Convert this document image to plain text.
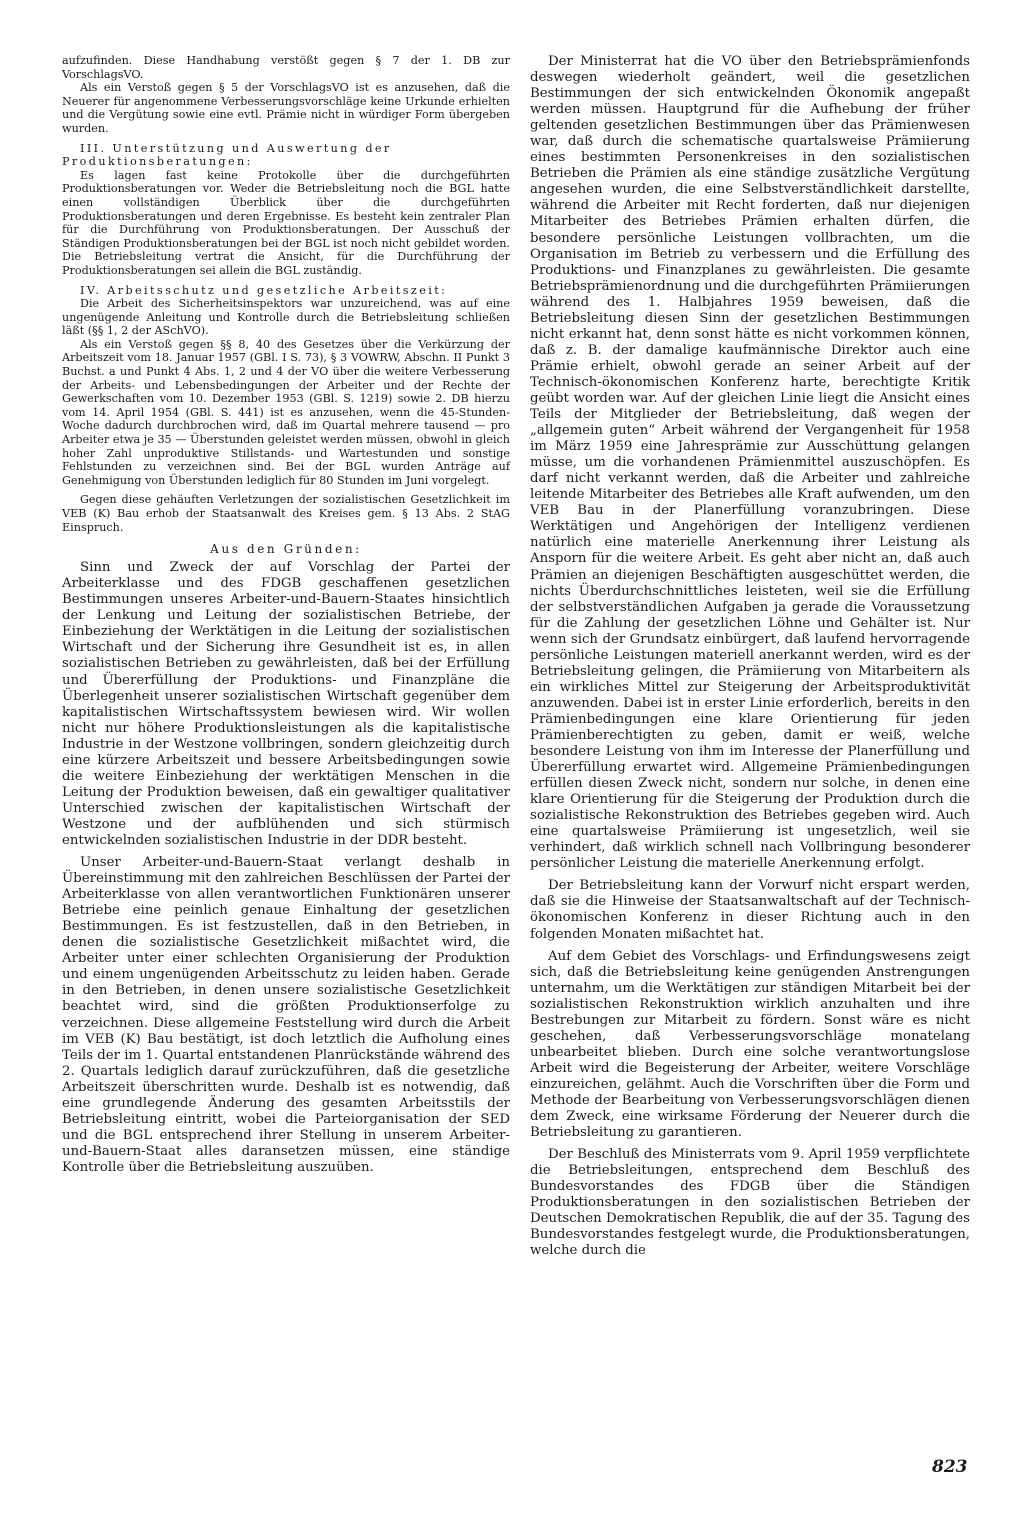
aufzufinden. Diese Handhabung verstößt gegen § 7 der 1. DB zur VorschlagsVO.

Als ein Verstoß gegen § 5 der VorschlagsVO ist es anzusehen, daß die Neuerer für angenommene Verbesserungsvorschläge keine Urkunde erhielten und die Vergütung sowie eine evtl. Prämie nicht in würdiger Form übergeben wurden.

III. Unterstützung und Auswertung der Produktionsberatungen:

Es lagen fast keine Protokolle über die durchgeführten Produktionsberatungen vor. Weder die Betriebsleitung noch die BGL hatte einen vollständigen Überblick über die durchgeführten Produktionsberatungen und deren Ergebnisse. Es besteht kein zentraler Plan für die Durchführung von Produktionsberatungen. Der Ausschuß der Ständigen Produktionsberatungen bei der BGL ist noch nicht gebildet worden. Die Betriebsleitung vertrat die Ansicht, für die Durchführung der Produktionsberatungen sei allein die BGL zuständig.

IV. Arbeitsschutz und gesetzliche Arbeitszeit:

Die Arbeit des Sicherheitsinspektors war unzureichend, was auf eine ungenügende Anleitung und Kontrolle durch die Betriebsleitung schließen läßt (§§ 1, 2 der ASchVO).

Als ein Verstoß gegen §§ 8, 40 des Gesetzes über die Verkürzung der Arbeitszeit vom 18. Januar 1957 (GBl. I S. 73), § 3 VOWRW, Abschn. II Punkt 3 Buchst. a und Punkt 4 Abs. 1, 2 und 4 der VO über die weitere Verbesserung der Arbeits- und Lebensbedingungen der Arbeiter und der Rechte der Gewerkschaften vom 10. Dezember 1953 (GBl. S. 1219) sowie 2. DB hierzu vom 14. April 1954 (GBl. S. 441) ist es anzusehen, wenn die 45-Stunden-Woche dadurch durchbrochen wird, daß im Quartal mehrere tausend — pro Arbeiter etwa je 35 — Überstunden geleistet werden müssen, obwohl in gleich hoher Zahl unproduktive Stillstands- und Wartestunden und sonstige Fehlstunden zu verzeichnen sind. Bei der BGL wurden Anträge auf Genehmigung von Überstunden lediglich für 80 Stunden im Juni vorgelegt.

Gegen diese gehäuften Verletzungen der sozialistischen Gesetzlichkeit im VEB (K) Bau erhob der Staatsanwalt des Kreises gem. § 13 Abs. 2 StAG Einspruch.

Aus den Gründen:

Sinn und Zweck der auf Vorschlag der Partei der Arbeiterklasse und des FDGB geschaffenen gesetzlichen Bestimmungen unseres Arbeiter-und-Bauern-Staates hinsichtlich der Lenkung und Leitung der sozialistischen Betriebe, der Einbeziehung der Werktätigen in die Leitung der sozialistischen Wirtschaft und der Sicherung ihre Gesundheit ist es, in allen sozialistischen Betrieben zu gewährleisten, daß bei der Erfüllung und Übererfüllung der Produktions- und Finanzpläne die Überlegenheit unserer sozialistischen Wirtschaft gegenüber dem kapitalistischen Wirtschaftssystem bewiesen wird. Wir wollen nicht nur höhere Produktionsleistungen als die kapitalistische Industrie in der Westzone vollbringen, sondern gleichzeitig durch eine kürzere Arbeitszeit und bessere Arbeitsbedingungen sowie die weitere Einbeziehung der werktätigen Menschen in die Leitung der Produktion beweisen, daß ein gewaltiger qualitativer Unterschied zwischen der kapitalistischen Wirtschaft der Westzone und der aufblühenden und sich stürmisch entwickelnden sozialistischen Industrie in der DDR besteht.

Unser Arbeiter-und-Bauern-Staat verlangt deshalb in Übereinstimmung mit den zahlreichen Beschlüssen der Partei der Arbeiterklasse von allen verantwortlichen Funktionären unserer Betriebe eine peinlich genaue Einhaltung der gesetzlichen Bestimmungen. Es ist festzustellen, daß in den Betrieben, in denen die sozialistische Gesetzlichkeit mißachtet wird, die Arbeiter unter einer schlechten Organisierung der Produktion und einem ungenügenden Arbeitsschutz zu leiden haben. Gerade in den Betrieben, in denen unsere sozialistische Gesetzlichkeit beachtet wird, sind die größten Produktionserfolge zu verzeichnen. Diese allgemeine Feststellung wird durch die Arbeit im VEB (K) Bau bestätigt, ist doch letztlich die Aufholung eines Teils der im 1. Quartal entstandenen Planrückstände während des 2. Quartals lediglich darauf zurückzuführen, daß die gesetzliche Arbeitszeit überschritten wurde. Deshalb ist es notwendig, daß eine grundlegende Änderung des gesamten Arbeitsstils der Betriebsleitung eintritt, wobei die Parteiorganisation der SED und die BGL entsprechend ihrer Stellung in unserem Arbeiter-und-Bauern-Staat alles daransetzen müssen, eine ständige Kontrolle über die Betriebsleitung auszuüben.

Der Ministerrat hat die VO über den Betriebsprämienfonds deswegen wiederholt geändert, weil die gesetzlichen Bestimmungen der sich entwickelnden Ökonomik angepaßt werden müssen. Hauptgrund für die Aufhebung der früher geltenden gesetzlichen Bestimmungen über das Prämienwesen war, daß durch die schematische quartalsweise Prämiierung eines bestimmten Personenkreises in den sozialistischen Betrieben die Prämien als eine ständige zusätzliche Vergütung angesehen wurden, die eine Selbstverständlichkeit darstellte, während die Arbeiter mit Recht forderten, daß nur diejenigen Mitarbeiter des Betriebes Prämien erhalten dürfen, die besondere persönliche Leistungen vollbrachten, um die Organisation im Betrieb zu verbessern und die Erfüllung des Produktions- und Finanzplanes zu gewährleisten. Die gesamte Betriebsprämienordnung und die durchgeführten Prämiierungen während des 1. Halbjahres 1959 beweisen, daß die Betriebsleitung diesen Sinn der gesetzlichen Bestimmungen nicht erkannt hat, denn sonst hätte es nicht vorkommen können, daß z. B. der damalige kaufmännische Direktor auch eine Prämie erhielt, obwohl gerade an seiner Arbeit auf der Technisch-ökonomischen Konferenz harte, berechtigte Kritik geübt worden war. Auf der gleichen Linie liegt die Ansicht eines Teils der Mitglieder der Betriebsleitung, daß wegen der „allgemein guten“ Arbeit während der Vergangenheit für 1958 im März 1959 eine Jahresprämie zur Ausschüttung gelangen müsse, um die vorhandenen Prämienmittel auszuschöpfen. Es darf nicht verkannt werden, daß die Arbeiter und zahlreiche leitende Mitarbeiter des Betriebes alle Kraft aufwenden, um den VEB Bau in der Planerfüllung voranzubringen. Diese Werktätigen und Angehörigen der Intelligenz verdienen natürlich eine materielle Anerkennung ihrer Leistung als Ansporn für die weitere Arbeit. Es geht aber nicht an, daß auch Prämien an diejenigen Beschäftigten ausgeschüttet werden, die nichts Überdurchschnittliches leisteten, weil sie die Erfüllung der selbstverständlichen Aufgaben ja gerade die Voraussetzung für die Zahlung der gesetzlichen Löhne und Gehälter ist. Nur wenn sich der Grundsatz einbürgert, daß laufend hervorragende persönliche Leistungen materiell anerkannt werden, wird es der Betriebsleitung gelingen, die Prämiierung von Mitarbeitern als ein wirkliches Mittel zur Steigerung der Arbeitsproduktivität anzuwenden. Dabei ist in erster Linie erforderlich, bereits in den Prämienbedingungen eine klare Orientierung für jeden Prämienberechtigten zu geben, damit er weiß, welche besondere Leistung von ihm im Interesse der Planerfüllung und Übererfüllung erwartet wird. Allgemeine Prämienbedingungen erfüllen diesen Zweck nicht, sondern nur solche, in denen eine klare Orientierung für die Steigerung der Produktion durch die sozialistische Rekonstruktion des Betriebes gegeben wird. Auch eine quartalsweise Prämiierung ist ungesetzlich, weil sie verhindert, daß wirklich schnell nach Vollbringung besonderer persönlicher Leistung die materielle Anerkennung erfolgt.

Der Betriebsleitung kann der Vorwurf nicht erspart werden, daß sie die Hinweise der Staatsanwaltschaft auf der Technisch-ökonomischen Konferenz in dieser Richtung auch in den folgenden Monaten mißachtet hat.

Auf dem Gebiet des Vorschlags- und Erfindungswesens zeigt sich, daß die Betriebsleitung keine genügenden Anstrengungen unternahm, um die Werktätigen zur ständigen Mitarbeit bei der sozialistischen Rekonstruktion wirklich anzuhalten und ihre Bestrebungen zur Mitarbeit zu fördern. Sonst wäre es nicht geschehen, daß Verbesserungsvorschläge monatelang unbearbeitet blieben. Durch eine solche verantwortungslose Arbeit wird die Begeisterung der Arbeiter, weitere Vorschläge einzureichen, gelähmt. Auch die Vorschriften über die Form und Methode der Bearbeitung von Verbesserungsvorschlägen dienen dem Zweck, eine wirksame Förderung der Neuerer durch die Betriebsleitung zu garantieren.

Der Beschluß des Ministerrats vom 9. April 1959 verpflichtete die Betriebsleitungen, entsprechend dem Beschluß des Bundesvorstandes des FDGB über die Ständigen Produktionsberatungen in den sozialistischen Betrieben der Deutschen Demokratischen Republik, die auf der 35. Tagung des Bundesvorstandes festgelegt wurde, die Produktionsberatungen, welche durch die

823
